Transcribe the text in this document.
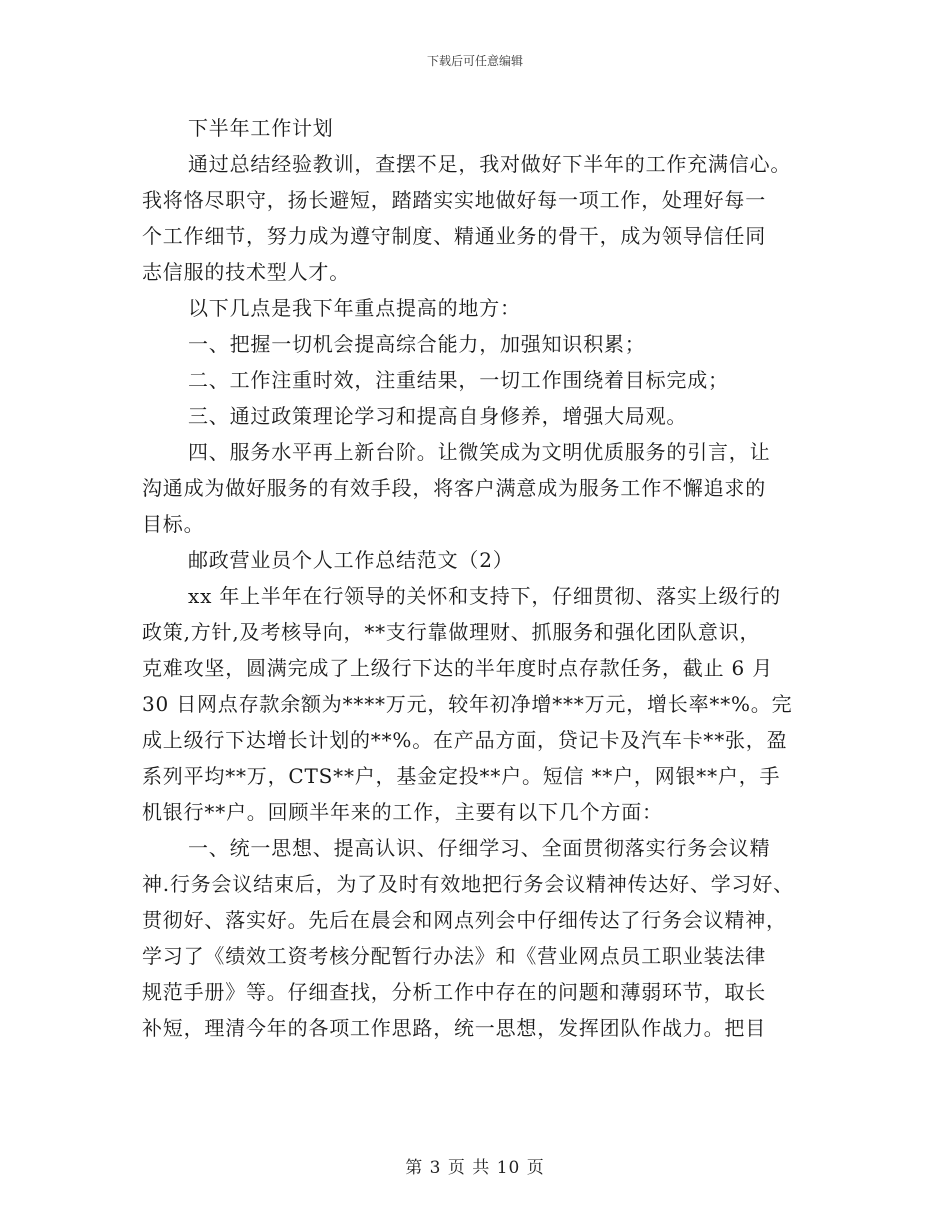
下载后可任意编辑
下半年工作计划
通过总结经验教训，查摆不足，我对做好下半年的工作充满信心。
我将恪尽职守，扬长避短，踏踏实实地做好每一项工作，处理好每一
个工作细节，努力成为遵守制度、精通业务的骨干，成为领导信任同
志信服的技术型人才。
以下几点是我下年重点提高的地方：
一、把握一切机会提高综合能力，加强知识积累；
二、工作注重时效，注重结果，一切工作围绕着目标完成；
三、通过政策理论学习和提高自身修养，增强大局观。
四、服务水平再上新台阶。让微笑成为文明优质服务的引言，让
沟通成为做好服务的有效手段，将客户满意成为服务工作不懈追求的
目标。
邮政营业员个人工作总结范文（2）
xx 年上半年在行领导的关怀和支持下，仔细贯彻、落实上级行的
政策,方针,及考核导向，**支行靠做理财、抓服务和强化团队意识，
克难攻坚，圆满完成了上级行下达的半年度时点存款任务，截止 6 月
30 日网点存款余额为****万元，较年初净增***万元，增长率**%。完
成上级行下达增长计划的**%。在产品方面，贷记卡及汽车卡**张，盈
系列平均**万，CTS**户，基金定投**户。短信 **户，网银**户，手
机银行**户。回顾半年来的工作，主要有以下几个方面：
一、统一思想、提高认识、仔细学习、全面贯彻落实行务会议精
神.行务会议结束后，为了及时有效地把行务会议精神传达好、学习好、
贯彻好、落实好。先后在晨会和网点列会中仔细传达了行务会议精神，
学习了《绩效工资考核分配暂行办法》和《营业网点员工职业装法律
规范手册》等。仔细查找，分析工作中存在的问题和薄弱环节，取长
补短，理清今年的各项工作思路，统一思想，发挥团队作战力。把目
第 3 页 共 10 页
